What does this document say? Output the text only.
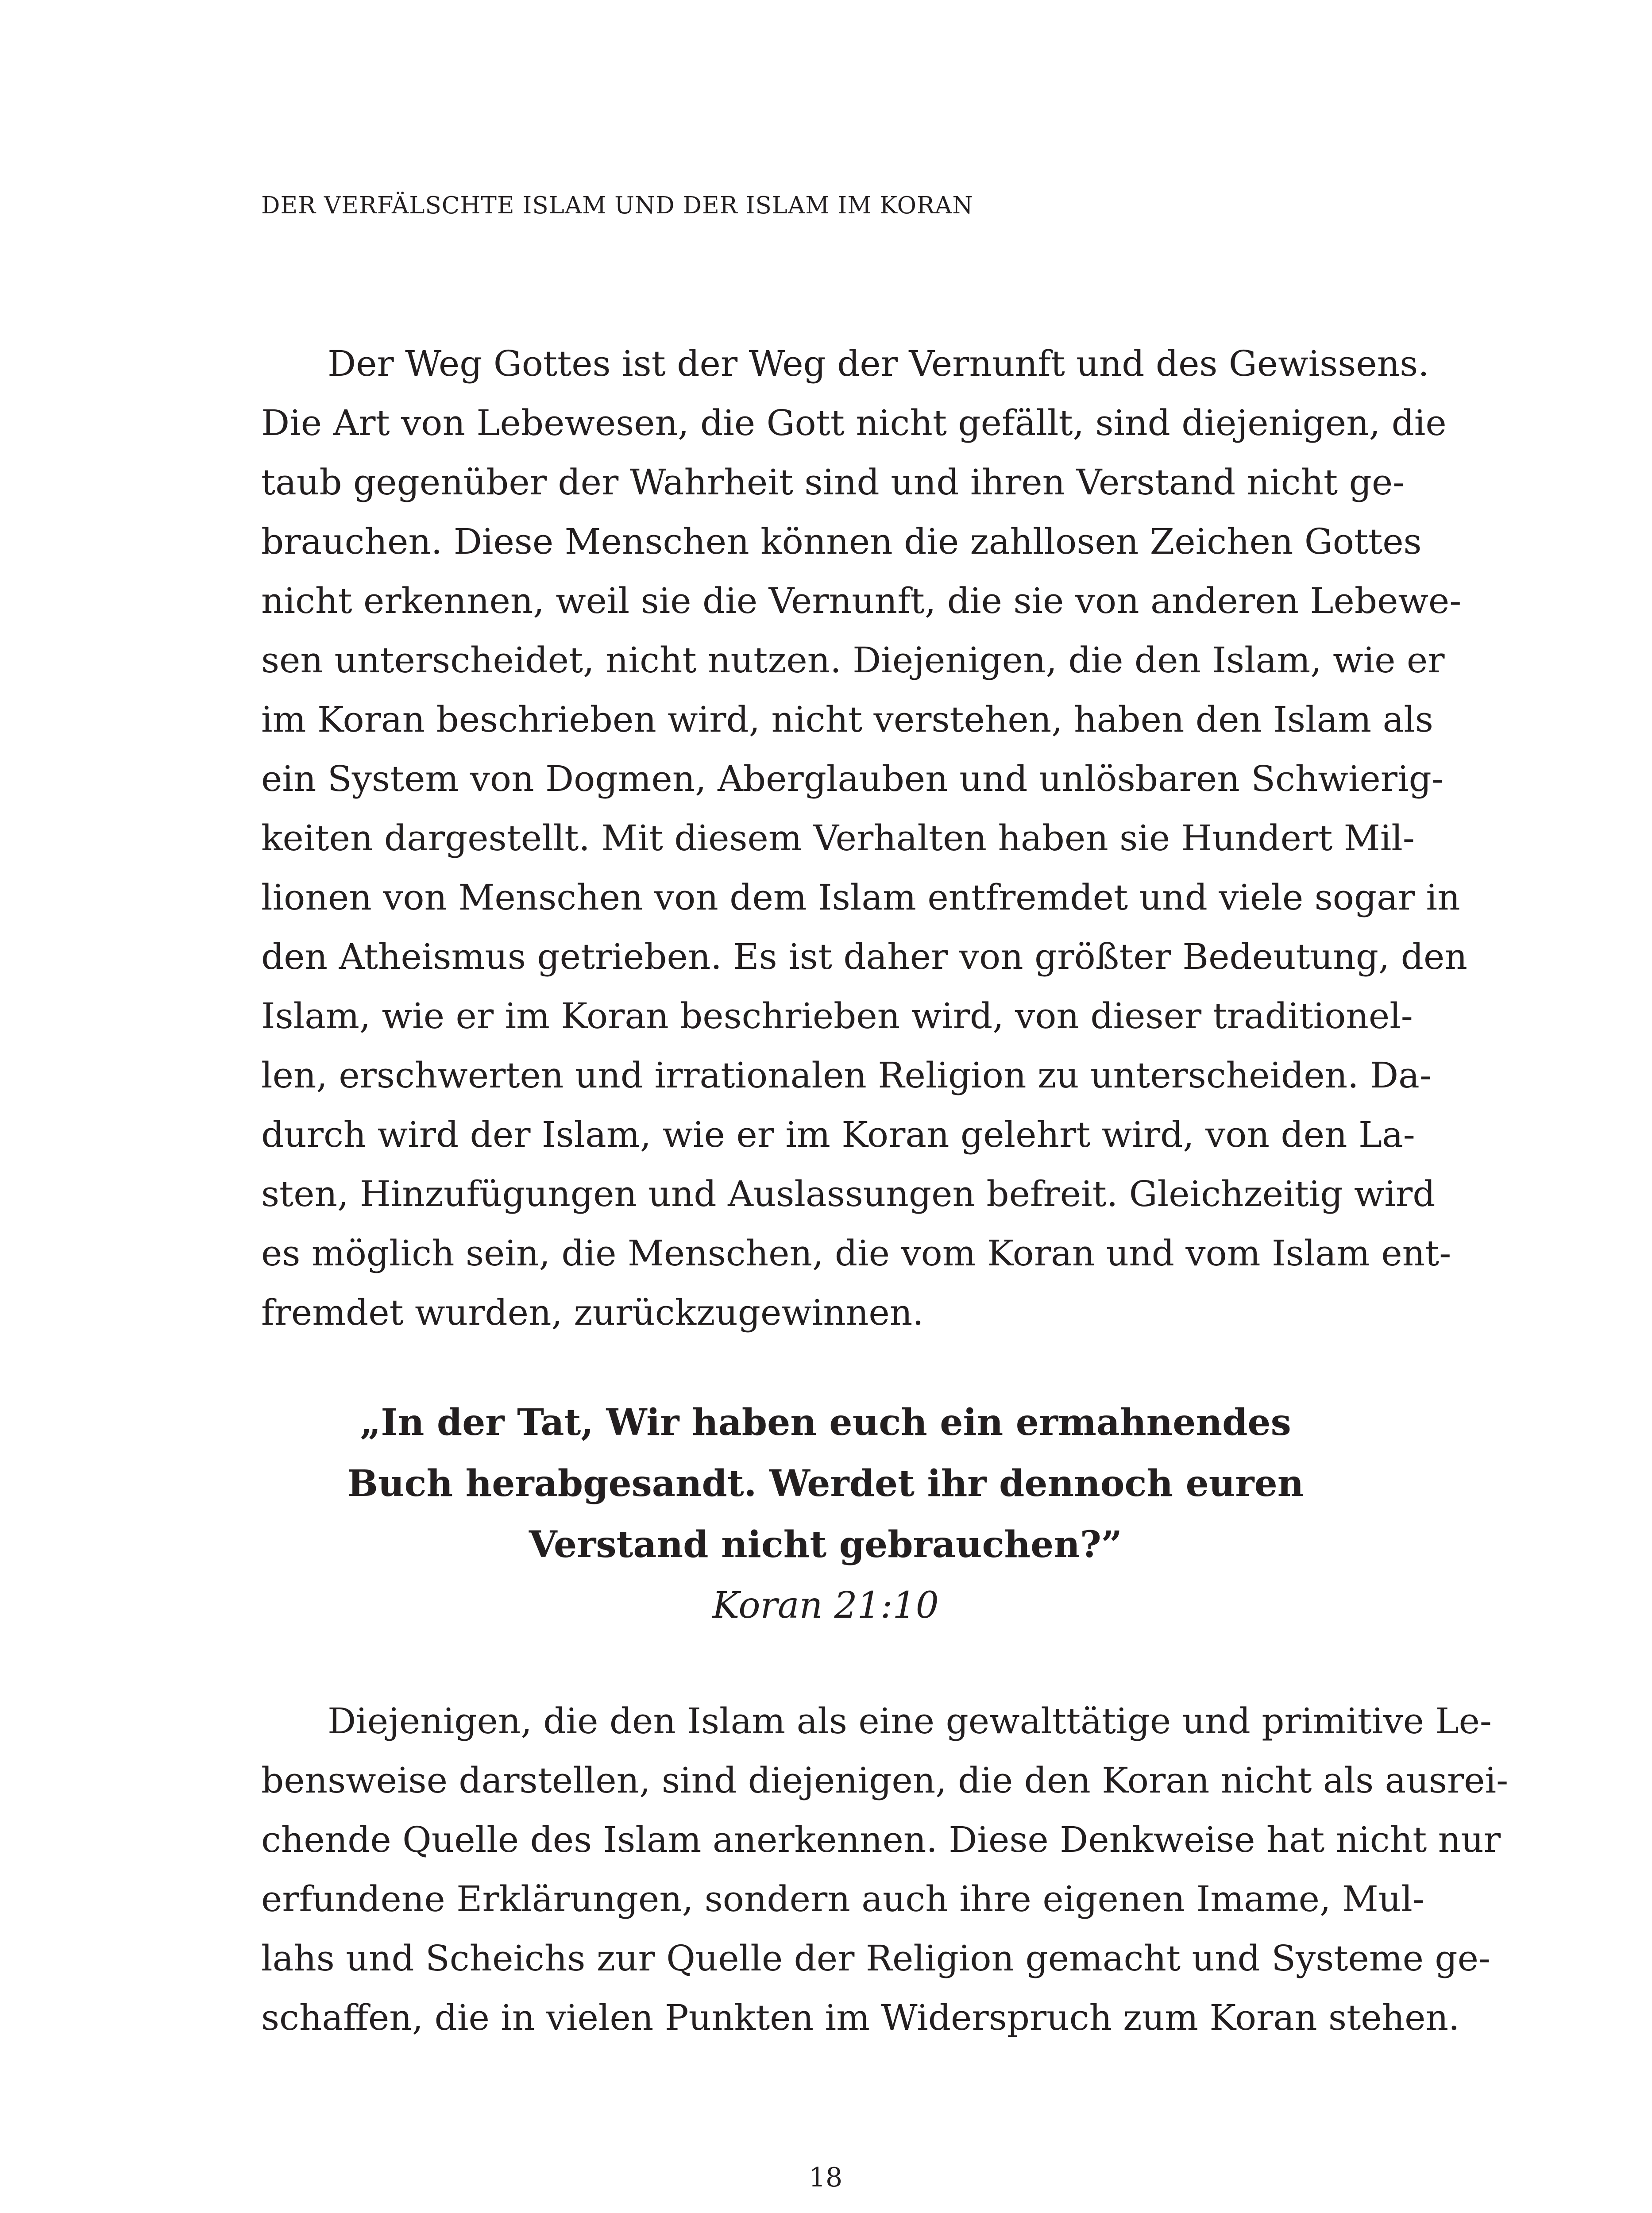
DER VERFÄLSCHTE ISLAM UND DER ISLAM IM KORAN
Der Weg Gottes ist der Weg der Vernunft und des Gewissens.
Die Art von Lebewesen, die Gott nicht gefällt, sind diejenigen, die
taub gegenüber der Wahrheit sind und ihren Verstand nicht ge-
brauchen. Diese Menschen können die zahllosen Zeichen Gottes
nicht erkennen, weil sie die Vernunft, die sie von anderen Lebewe-
sen unterscheidet, nicht nutzen. Diejenigen, die den Islam, wie er
im Koran beschrieben wird, nicht verstehen, haben den Islam als
ein System von Dogmen, Aberglauben und unlösbaren Schwierig-
keiten dargestellt. Mit diesem Verhalten haben sie Hundert Mil-
lionen von Menschen von dem Islam entfremdet und viele sogar in
den Atheismus getrieben. Es ist daher von größter Bedeutung, den
Islam, wie er im Koran beschrieben wird, von dieser traditionel-
len, erschwerten und irrationalen Religion zu unterscheiden. Da-
durch wird der Islam, wie er im Koran gelehrt wird, von den La-
sten, Hinzufügungen und Auslassungen befreit. Gleichzeitig wird
es möglich sein, die Menschen, die vom Koran und vom Islam ent-
fremdet wurden, zurückzugewinnen.
„In der Tat, Wir haben euch ein ermahnendes
Buch herabgesandt. Werdet ihr dennoch euren
Verstand nicht gebrauchen?”
Koran 21:10
Diejenigen, die den Islam als eine gewalttätige und primitive Le-
bensweise darstellen, sind diejenigen, die den Koran nicht als ausrei-
chende Quelle des Islam anerkennen. Diese Denkweise hat nicht nur
erfundene Erklärungen, sondern auch ihre eigenen Imame, Mul-
lahs und Scheichs zur Quelle der Religion gemacht und Systeme ge-
schaffen, die in vielen Punkten im Widerspruch zum Koran stehen.
18
